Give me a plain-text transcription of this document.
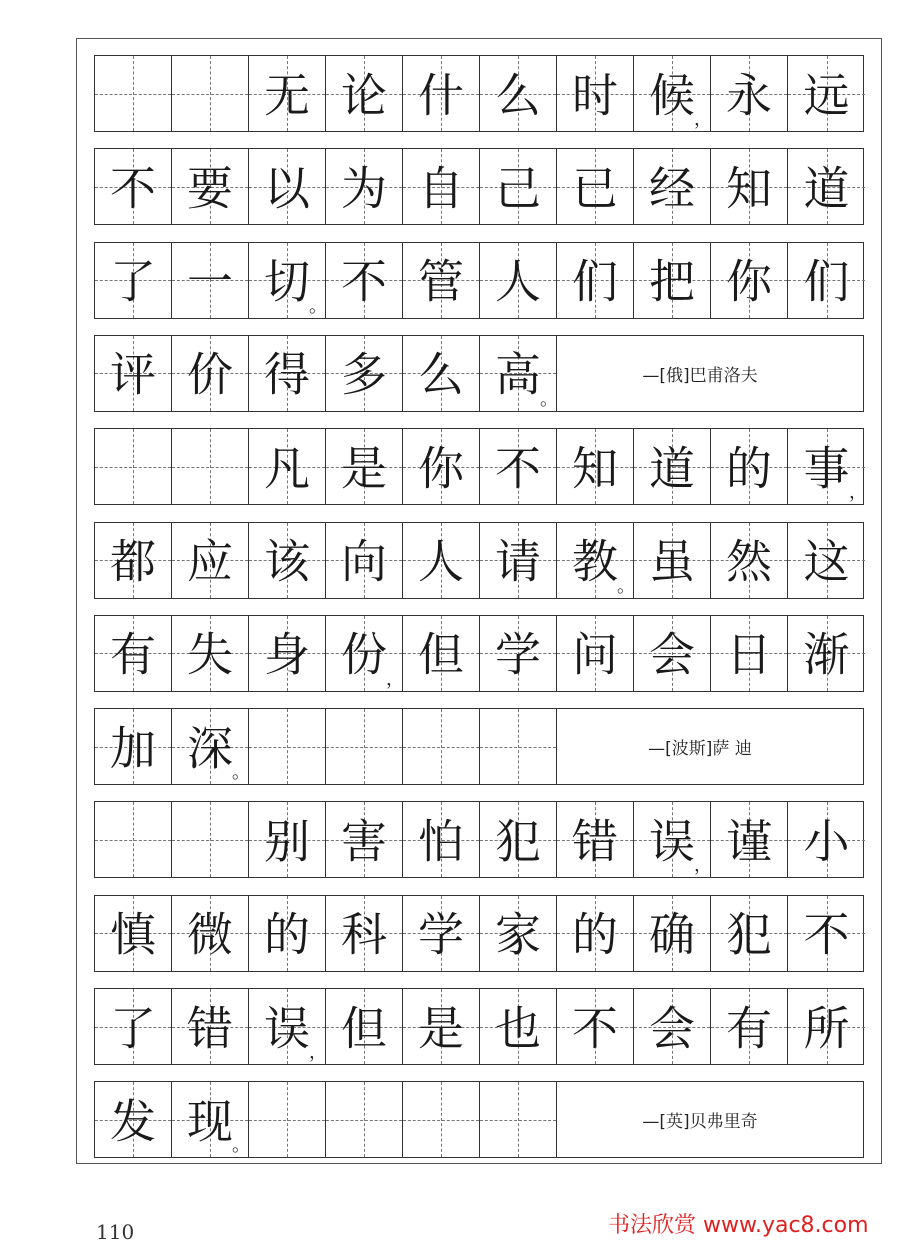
无 论 什 么 时 候 ， 永 远
不 要 以 为 自 己 已 经 知 道
了 一 切 。 不 管 人 们 把 你 们
评 价 得 多 么 高 。
—[俄]巴甫洛夫
凡 是 你 不 知 道 的 事 ，
都 应 该 向 人 请 教 。 虽 然 这
有 失 身 份 ， 但 学 问 会 日 渐
加 深 。
—[波斯]萨 迪
别 害 怕 犯 错 误 ， 谨 小
慎 微 的 科 学 家 的 确 犯 不
了 错 误 ， 但 是 也 不 会 有 所
发 现 。
—[英]贝弗里奇
110	书法欣赏 www.yac8.com
